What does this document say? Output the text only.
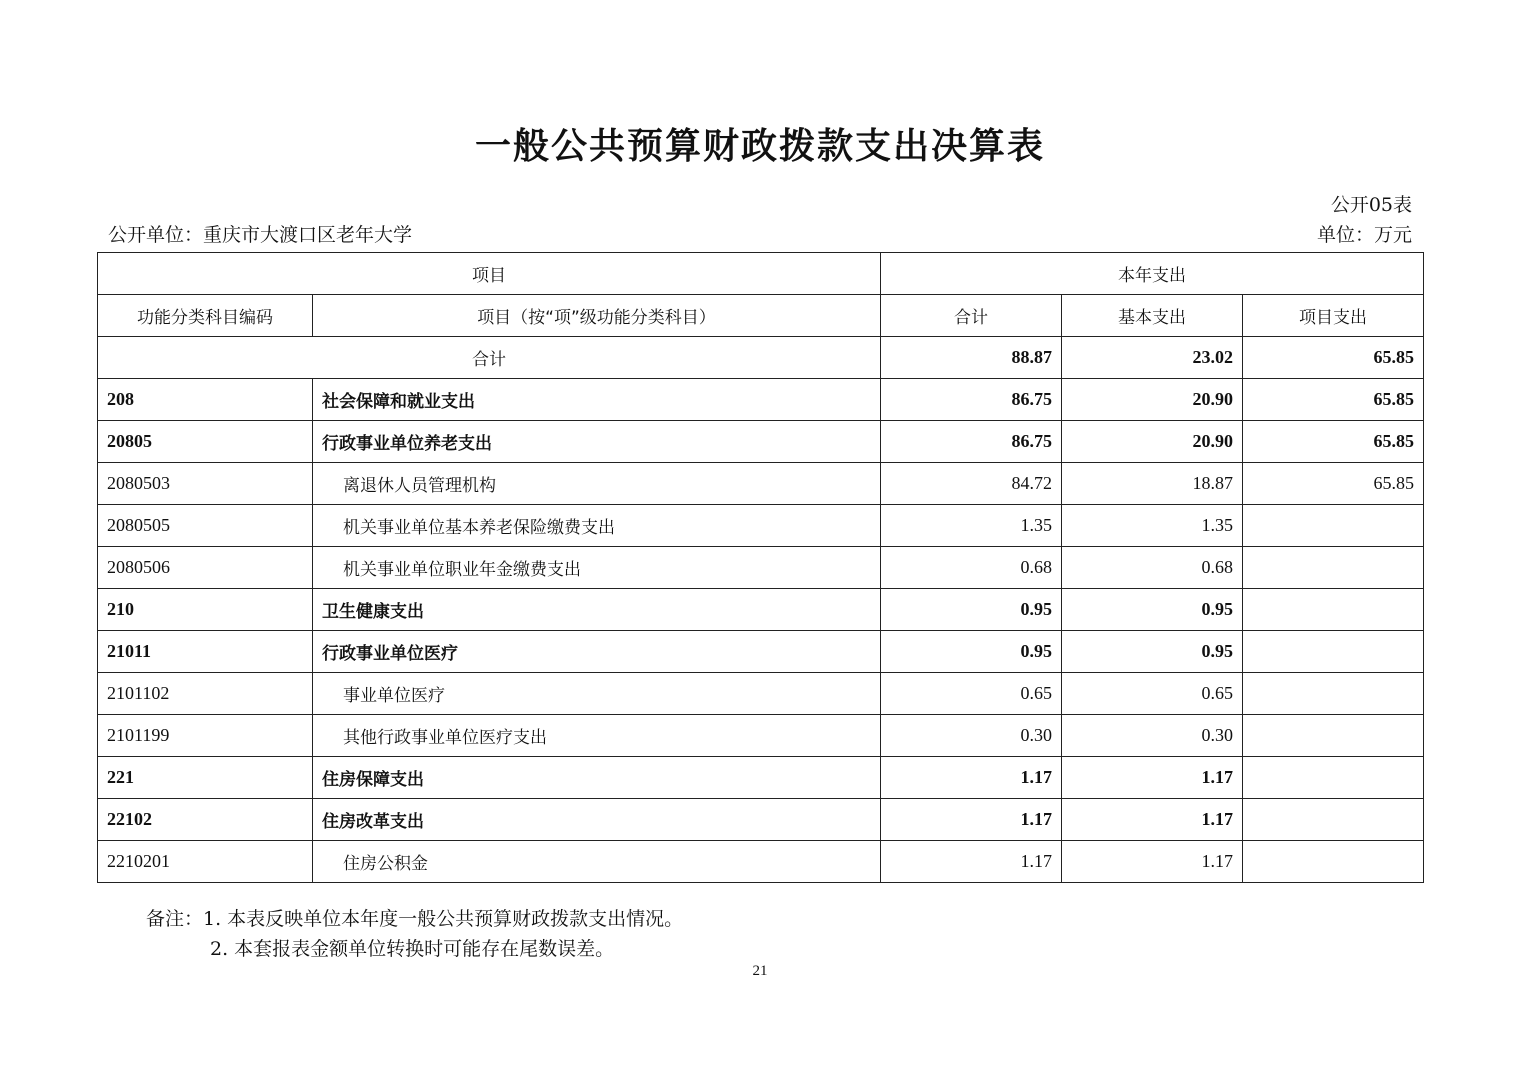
一般公共预算财政拨款支出决算表
公开05表
公开单位：重庆市大渡口区老年大学	单位：万元
项目		本年支出		
功能分类科目编码	项目（按“项”级功能分类科目）	合计	基本支出	项目支出
合计		88.87	23.02	65.85
208	社会保障和就业支出	86.75	20.90	65.85
20805	行政事业单位养老支出	86.75	20.90	65.85
2080503	离退休人员管理机构	84.72	18.87	65.85
2080505	机关事业单位基本养老保险缴费支出	1.35	1.35	
2080506	机关事业单位职业年金缴费支出	0.68	0.68	
210	卫生健康支出	0.95	0.95	
21011	行政事业单位医疗	0.95	0.95	
2101102	事业单位医疗	0.65	0.65	
2101199	其他行政事业单位医疗支出	0.30	0.30	
221	住房保障支出	1.17	1.17	
22102	住房改革支出	1.17	1.17	
2210201	住房公积金	1.17	1.17	
备注：1. 本表反映单位本年度一般公共预算财政拨款支出情况。
2. 本套报表金额单位转换时可能存在尾数误差。
21
